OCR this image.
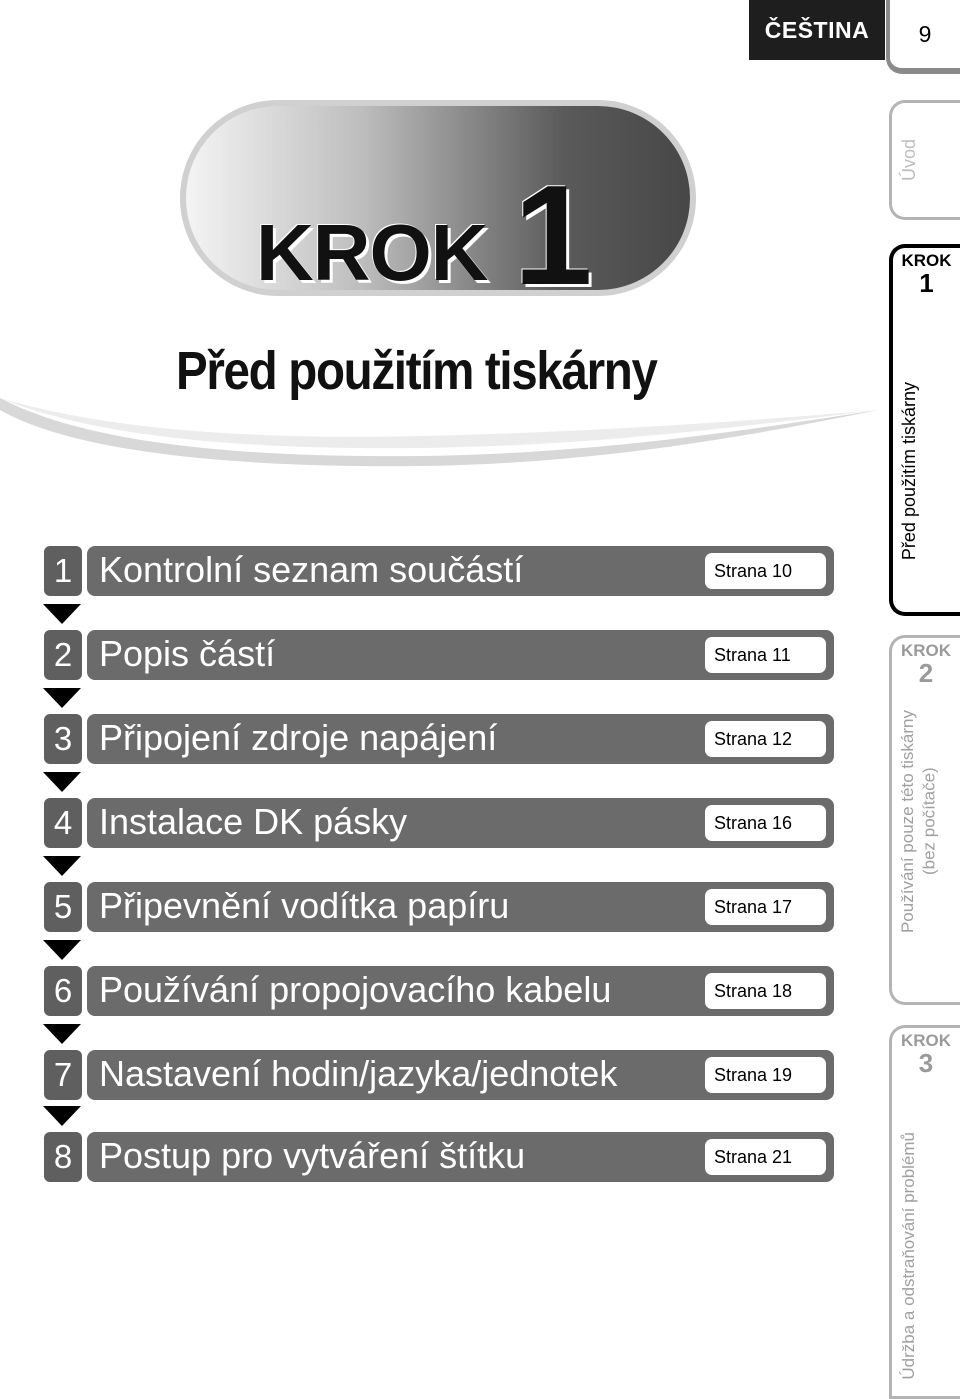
ČEŠTINA	9
Úvod
KROK
1
Před použitím tiskárny
KROK
2
Používání pouze této tiskárny (bez počítače)
KROK
3
Údržba a odstraňování problémů
KROK 1
Před použitím tiskárny
1 Kontrolní seznam součástí	Strana 10
2 Popis částí	Strana 11
3 Připojení zdroje napájení	Strana 12
4 Instalace DK pásky	Strana 16
5 Připevnění vodítka papíru	Strana 17
6 Používání propojovacího kabelu	Strana 18
7 Nastavení hodin/jazyka/jednotek	Strana 19
8 Postup pro vytváření štítku	Strana 21
